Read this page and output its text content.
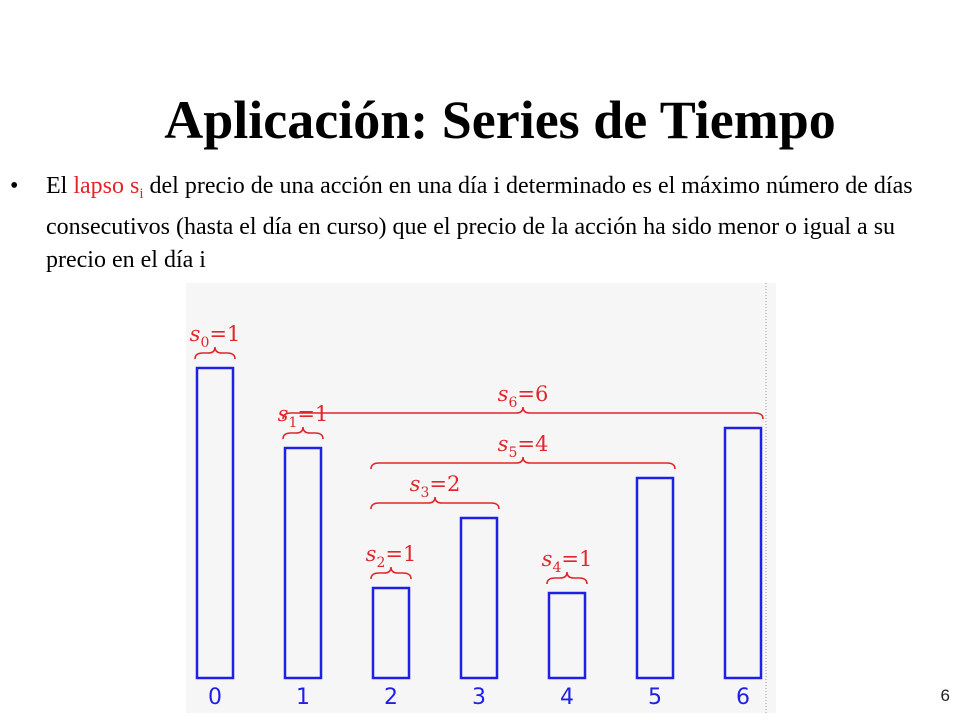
Aplicación: Series de Tiempo
• El lapso $s_i$ del precio de una acción en una día i determinado es el máximo número de días consecutivos (hasta el día en curso) que el precio de la acción ha sido menor o igual a su precio en el día i
0	1	2	3	4	5	6
$s_0=1$
$s_1=1$
$s_2=1$
$s_3=2$
$s_4=1$
$s_5=4$
$s_6=6$
6
